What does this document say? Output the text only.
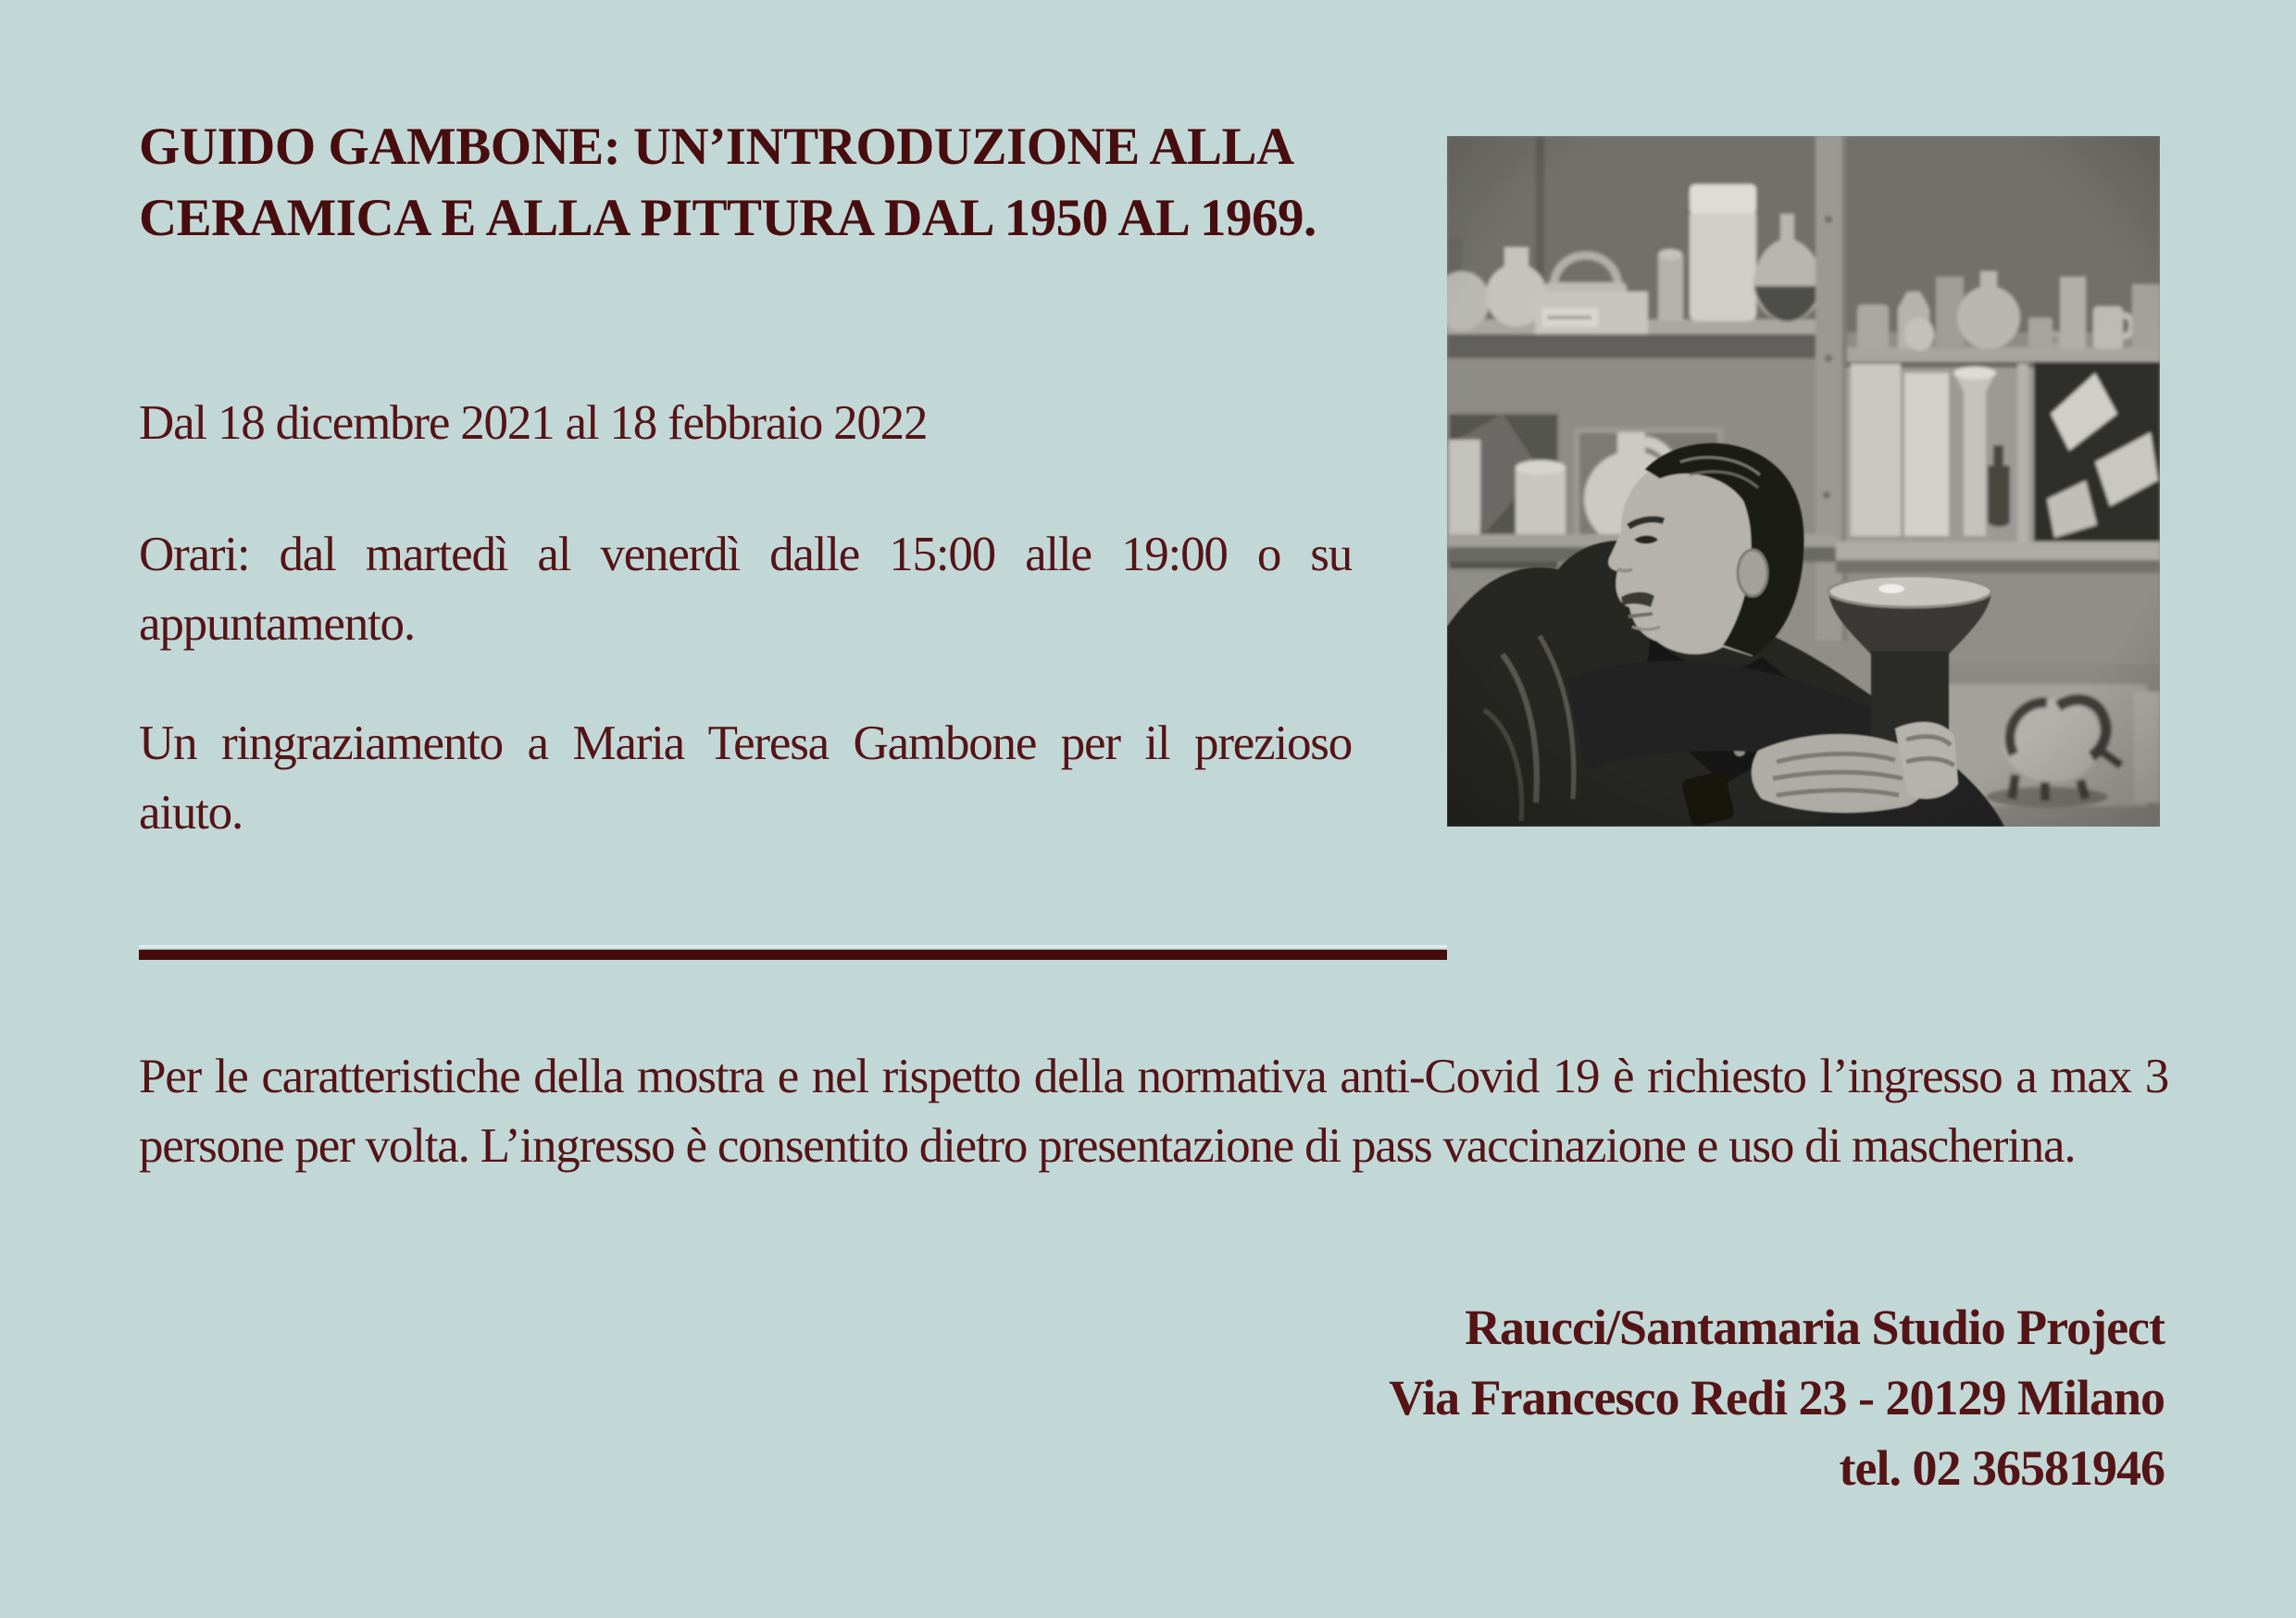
GUIDO GAMBONE: UN’INTRODUZIONE ALLA
CERAMICA E ALLA PITTURA DAL 1950 AL 1969.
Dal 18 dicembre 2021 al 18 febbraio 2022
Orari: dal martedì al venerdì dalle 15:00 alle 19:00 o su appuntamento.
Un ringraziamento a Maria Teresa Gambone per il prezioso aiuto.
Per le caratteristiche della mostra e nel rispetto della normativa anti-Covid 19 è richiesto l’ingresso a max 3 persone per volta. L’ingresso è consentito dietro presentazione di pass vaccinazione e uso di mascherina.
Raucci/Santamaria Studio Project
Via Francesco Redi 23 - 20129 Milano
tel. 02 36581946
